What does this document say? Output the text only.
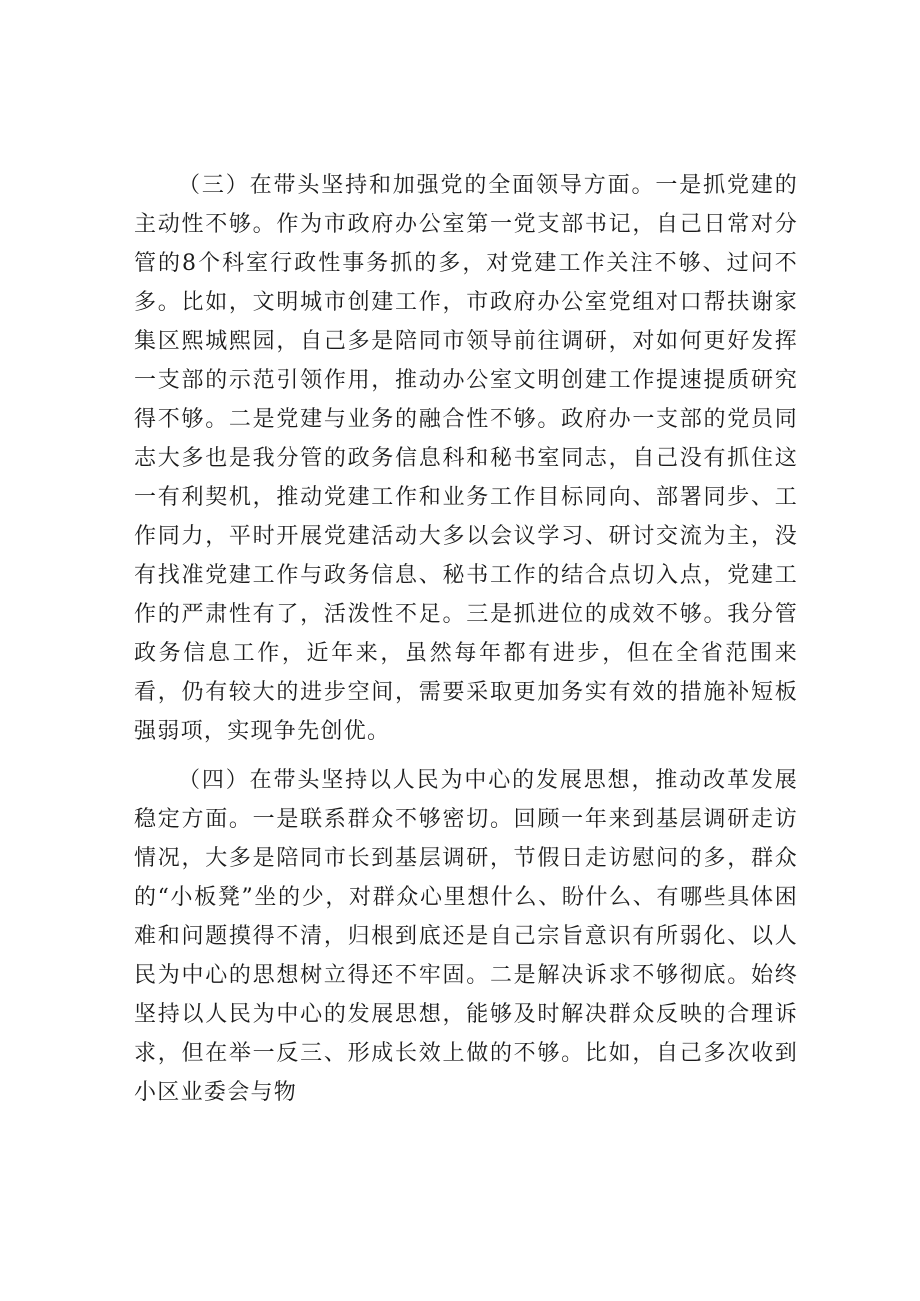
（三）在带头坚持和加强党的全面领导方面。一是抓党建的主动性不够。作为市政府办公室第一党支部书记，自己日常对分管的8个科室行政性事务抓的多，对党建工作关注不够、过问不多。比如，文明城市创建工作，市政府办公室党组对口帮扶谢家集区熙城熙园，自己多是陪同市领导前往调研，对如何更好发挥一支部的示范引领作用，推动办公室文明创建工作提速提质研究得不够。二是党建与业务的融合性不够。政府办一支部的党员同志大多也是我分管的政务信息科和秘书室同志，自己没有抓住这一有利契机，推动党建工作和业务工作目标同向、部署同步、工作同力，平时开展党建活动大多以会议学习、研讨交流为主，没有找准党建工作与政务信息、秘书工作的结合点切入点，党建工作的严肃性有了，活泼性不足。三是抓进位的成效不够。我分管政务信息工作，近年来，虽然每年都有进步，但在全省范围来看，仍有较大的进步空间，需要采取更加务实有效的措施补短板强弱项，实现争先创优。

（四）在带头坚持以人民为中心的发展思想，推动改革发展稳定方面。一是联系群众不够密切。回顾一年来到基层调研走访情况，大多是陪同市长到基层调研，节假日走访慰问的多，群众的“小板凳”坐的少，对群众心里想什么、盼什么、有哪些具体困难和问题摸得不清，归根到底还是自己宗旨意识有所弱化、以人民为中心的思想树立得还不牢固。二是解决诉求不够彻底。始终坚持以人民为中心的发展思想，能够及时解决群众反映的合理诉求，但在举一反三、形成长效上做的不够。比如，自己多次收到小区业委会与物
